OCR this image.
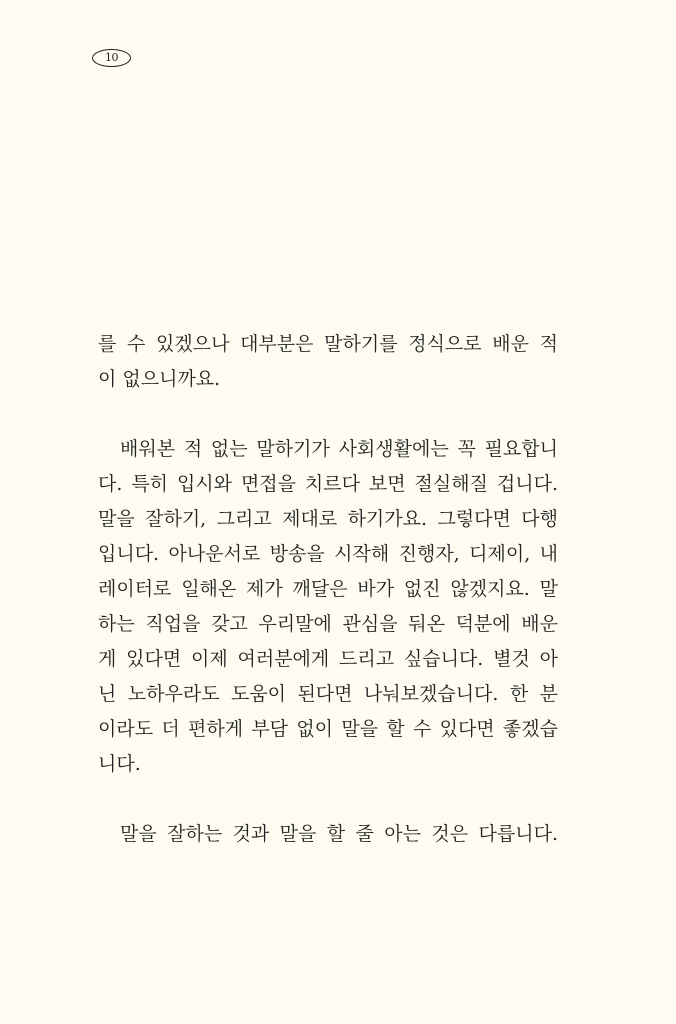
10
를 수 있겠으나 대부분은 말하기를 정식으로 배운 적
이 없으니까요.
배워본 적 없는 말하기가 사회생활에는 꼭 필요합니
다. 특히 입시와 면접을 치르다 보면 절실해질 겁니다.
말을 잘하기, 그리고 제대로 하기가요. 그렇다면 다행
입니다. 아나운서로 방송을 시작해 진행자, 디제이, 내
레이터로 일해온 제가 깨달은 바가 없진 않겠지요. 말
하는 직업을 갖고 우리말에 관심을 둬온 덕분에 배운
게 있다면 이제 여러분에게 드리고 싶습니다. 별것 아
닌 노하우라도 도움이 된다면 나눠보겠습니다. 한 분
이라도 더 편하게 부담 없이 말을 할 수 있다면 좋겠습
니다.
말을 잘하는 것과 말을 할 줄 아는 것은 다릅니다.
